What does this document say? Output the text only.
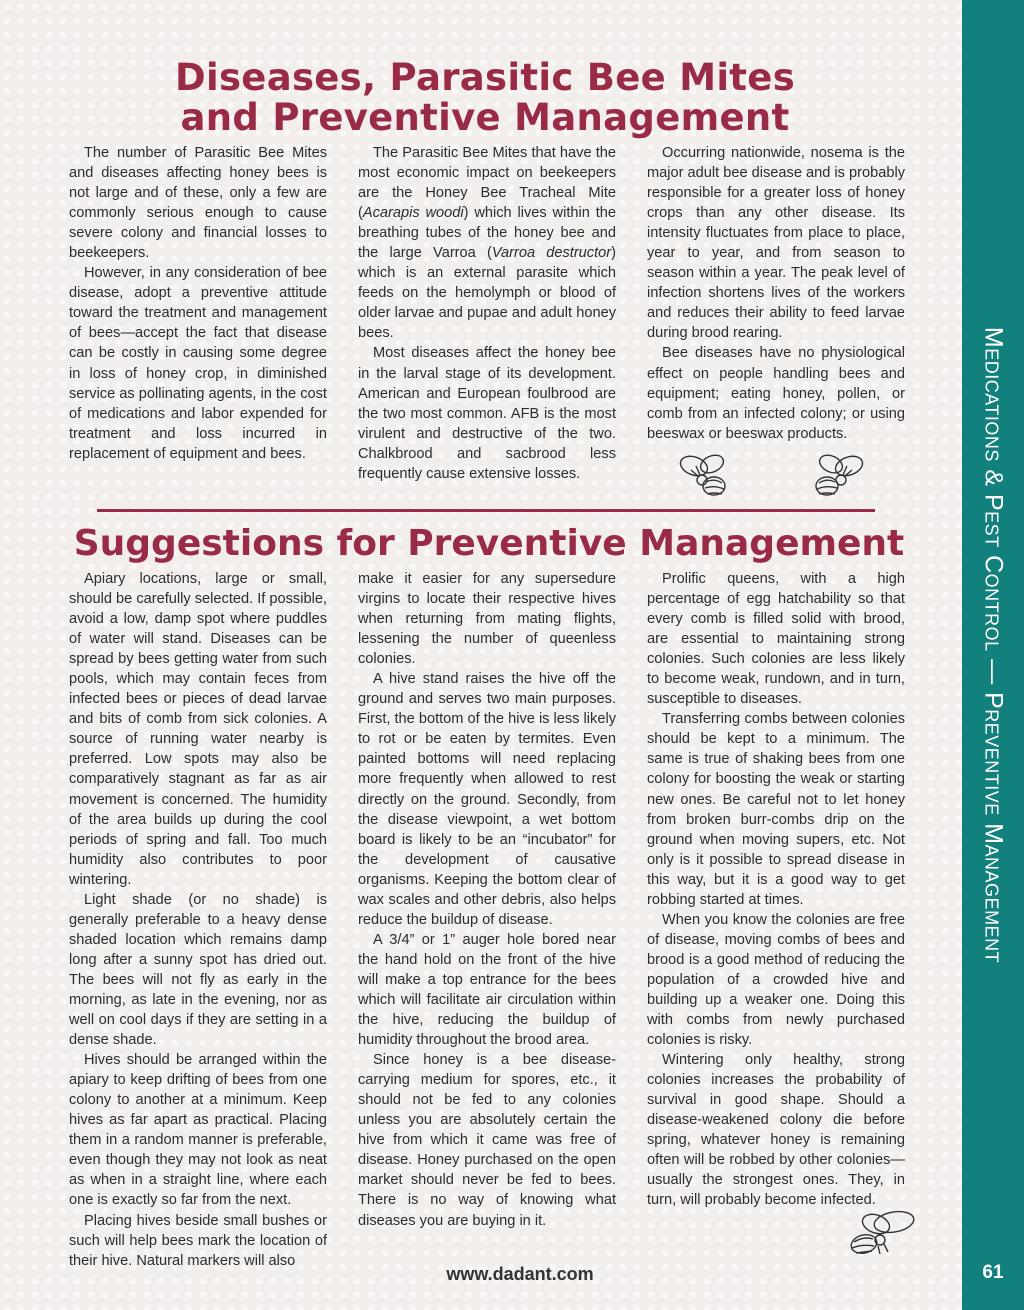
Medications & Pest Control — Preventive Management
61
Diseases, Parasitic Bee Mites
and Preventive Management

The number of Parasitic Bee Mites and diseases affecting honey bees is not large and of these, only a few are commonly serious enough to cause severe colony and financial losses to beekeepers.

However, in any consideration of bee disease, adopt a preventive attitude toward the treatment and management of bees—accept the fact that disease can be costly in causing some degree in loss of honey crop, in diminished service as pollinating agents, in the cost of medications and labor expended for treatment and loss incurred in replacement of equipment and bees.

The Parasitic Bee Mites that have the most economic impact on beekeepers are the Honey Bee Tracheal Mite (Acarapis woodi) which lives within the breathing tubes of the honey bee and the large Varroa (Varroa destructor) which is an external parasite which feeds on the hemolymph or blood of older larvae and pupae and adult honey bees.

Most diseases affect the honey bee in the larval stage of its development. American and European foulbrood are the two most common. AFB is the most virulent and destructive of the two. Chalkbrood and sacbrood less frequently cause extensive losses.

Occurring nationwide, nosema is the major adult bee disease and is probably responsible for a greater loss of honey crops than any other disease. Its intensity fluctuates from place to place, year to year, and from season to season within a year. The peak level of infection shortens lives of the workers and reduces their ability to feed larvae during brood rearing.

Bee diseases have no physiological effect on people handling bees and equipment; eating honey, pollen, or comb from an infected colony; or using beeswax or beeswax products.

Suggestions for Preventive Management

Apiary locations, large or small, should be carefully selected. If possible, avoid a low, damp spot where puddles of water will stand. Diseases can be spread by bees getting water from such pools, which may contain feces from infected bees or pieces of dead larvae and bits of comb from sick colonies. A source of running water nearby is preferred. Low spots may also be comparatively stagnant as far as air movement is concerned. The humidity of the area builds up during the cool periods of spring and fall. Too much humidity also contributes to poor wintering.

Light shade (or no shade) is generally preferable to a heavy dense shaded location which remains damp long after a sunny spot has dried out. The bees will not fly as early in the morning, as late in the evening, nor as well on cool days if they are setting in a dense shade.

Hives should be arranged within the apiary to keep drifting of bees from one colony to another at a minimum. Keep hives as far apart as practical. Placing them in a random manner is preferable, even though they may not look as neat as when in a straight line, where each one is exactly so far from the next.

Placing hives beside small bushes or such will help bees mark the location of their hive. Natural markers will also

make it easier for any supersedure virgins to locate their respective hives when returning from mating flights, lessening the number of queenless colonies.

A hive stand raises the hive off the ground and serves two main purposes. First, the bottom of the hive is less likely to rot or be eaten by termites. Even painted bottoms will need replacing more frequently when allowed to rest directly on the ground. Secondly, from the disease viewpoint, a wet bottom board is likely to be an “incubator” for the development of causative organisms. Keeping the bottom clear of wax scales and other debris, also helps reduce the buildup of disease.

A 3/4” or 1” auger hole bored near the hand hold on the front of the hive will make a top entrance for the bees which will facilitate air circulation within the hive, reducing the buildup of humidity throughout the brood area.

Since honey is a bee disease-carrying medium for spores, etc., it should not be fed to any colonies unless you are absolutely certain the hive from which it came was free of disease. Honey purchased on the open market should never be fed to bees. There is no way of knowing what diseases you are buying in it.

Prolific queens, with a high percentage of egg hatchability so that every comb is filled solid with brood, are essential to maintaining strong colonies. Such colonies are less likely to become weak, rundown, and in turn, susceptible to diseases.

Transferring combs between colonies should be kept to a minimum. The same is true of shaking bees from one colony for boosting the weak or starting new ones. Be careful not to let honey from broken burr-combs drip on the ground when moving supers, etc. Not only is it possible to spread disease in this way, but it is a good way to get robbing started at times.

When you know the colonies are free of disease, moving combs of bees and brood is a good method of reducing the population of a crowded hive and building up a weaker one. Doing this with combs from newly purchased colonies is risky.

Wintering only healthy, strong colonies increases the probability of survival in good shape. Should a disease-weakened colony die before spring, whatever honey is remaining often will be robbed by other colonies—usually the strongest ones. They, in turn, will probably become infected.

www.dadant.com
